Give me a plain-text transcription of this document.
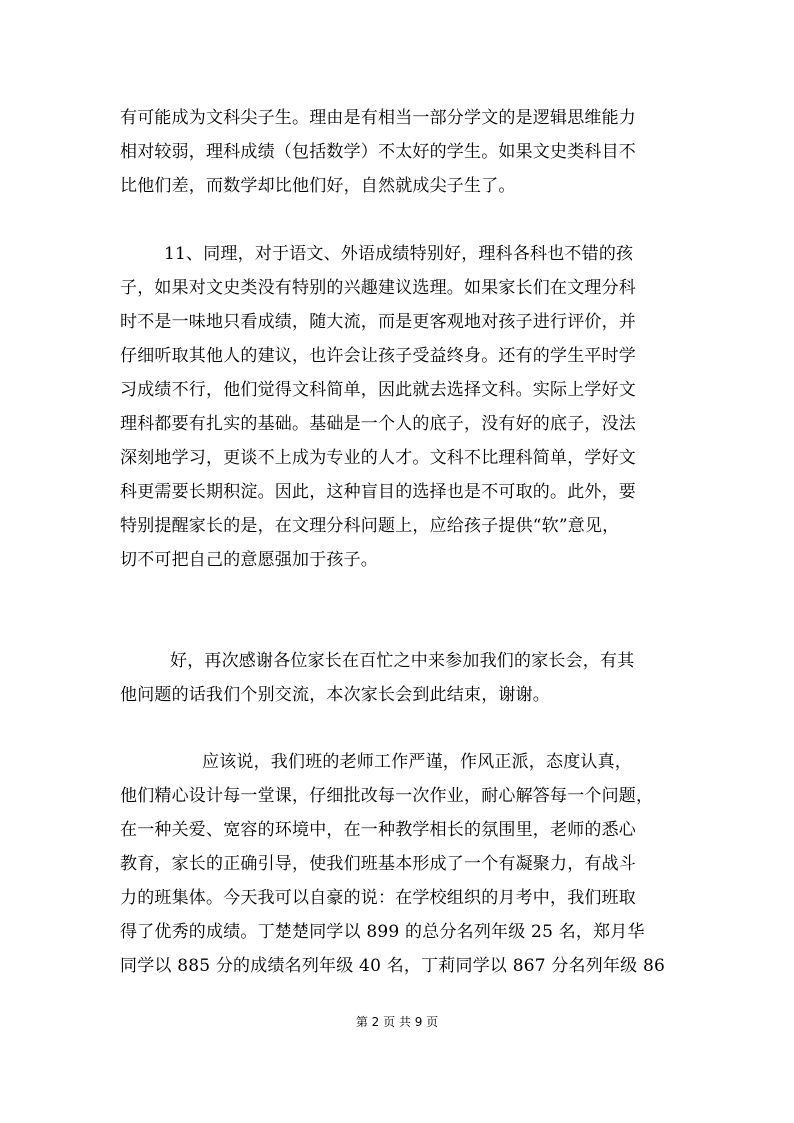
有可能成为文科尖子生。理由是有相当一部分学文的是逻辑思维能力
相对较弱，理科成绩（包括数学）不太好的学生。如果文史类科目不
比他们差，而数学却比他们好，自然就成尖子生了。
11、同理，对于语文、外语成绩特别好，理科各科也不错的孩
子，如果对文史类没有特别的兴趣建议选理。如果家长们在文理分科
时不是一味地只看成绩，随大流，而是更客观地对孩子进行评价，并
仔细听取其他人的建议，也许会让孩子受益终身。还有的学生平时学
习成绩不行，他们觉得文科简单，因此就去选择文科。实际上学好文
理科都要有扎实的基础。基础是一个人的底子，没有好的底子，没法
深刻地学习，更谈不上成为专业的人才。文科不比理科简单，学好文
科更需要长期积淀。因此，这种盲目的选择也是不可取的。此外，要
特别提醒家长的是，在文理分科问题上，应给孩子提供“软”意见，
切不可把自己的意愿强加于孩子。
好，再次感谢各位家长在百忙之中来参加我们的家长会，有其
他问题的话我们个别交流，本次家长会到此结束，谢谢。
应该说，我们班的老师工作严谨，作风正派，态度认真，
他们精心设计每一堂课，仔细批改每一次作业，耐心解答每一个问题，
在一种关爱、宽容的环境中，在一种教学相长的氛围里，老师的悉心
教育，家长的正确引导，使我们班基本形成了一个有凝聚力，有战斗
力的班集体。今天我可以自豪的说：在学校组织的月考中，我们班取
得了优秀的成绩。丁楚楚同学以 899 的总分名列年级 25 名，郑月华
同学以 885 分的成绩名列年级 40 名，丁莉同学以 867 分名列年级 86
第 2 页 共 9 页
